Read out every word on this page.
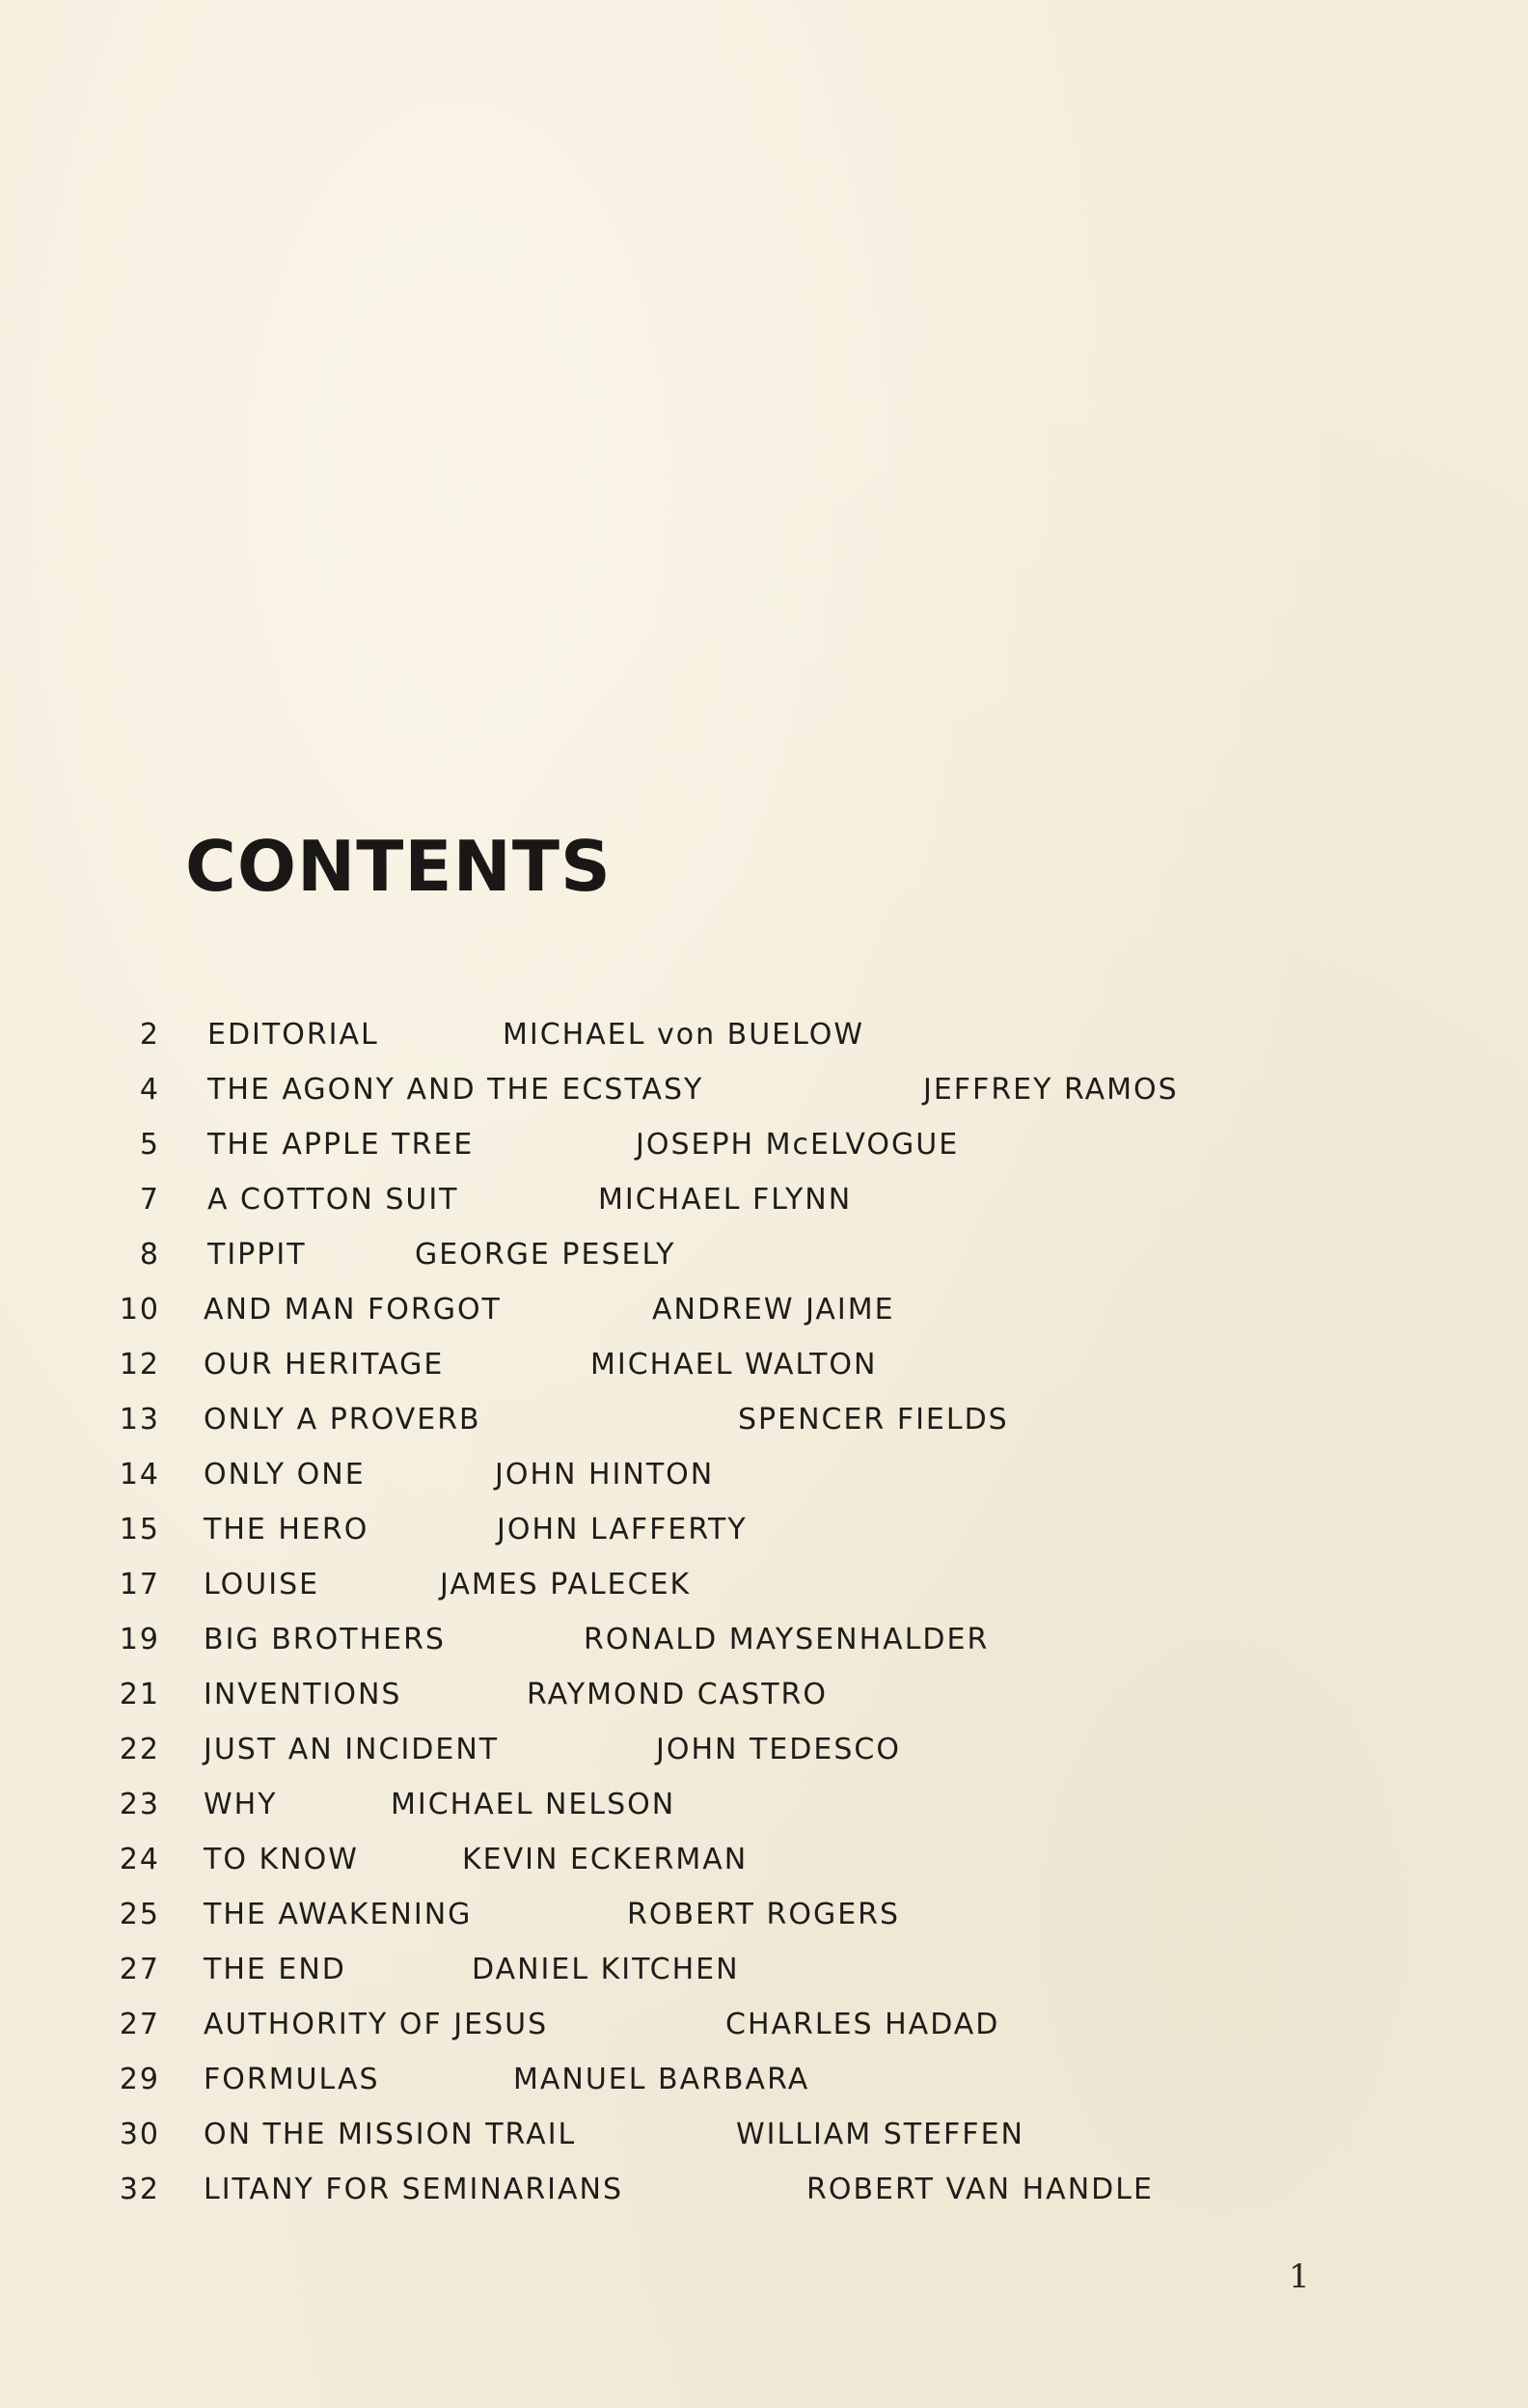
CONTENTS
2 EDITORIAL	MICHAEL von BUELOW
4 THE AGONY AND THE ECSTASY	JEFFREY RAMOS
5 THE APPLE TREE	JOSEPH McELVOGUE
7 A COTTON SUIT	MICHAEL FLYNN
8 TIPPIT	GEORGE PESELY
10 AND MAN FORGOT	ANDREW JAIME
12 OUR HERITAGE	MICHAEL WALTON
13 ONLY A PROVERB	SPENCER FIELDS
14 ONLY ONE	JOHN HINTON
15 THE HERO	JOHN LAFFERTY
17 LOUISE	JAMES PALECEK
19 BIG BROTHERS	RONALD MAYSENHALDER
21 INVENTIONS	RAYMOND CASTRO
22 JUST AN INCIDENT	JOHN TEDESCO
23 WHY	MICHAEL NELSON
24 TO KNOW	KEVIN ECKERMAN
25 THE AWAKENING	ROBERT ROGERS
27 THE END	DANIEL KITCHEN
27 AUTHORITY OF JESUS	CHARLES HADAD
29 FORMULAS	MANUEL BARBARA
30 ON THE MISSION TRAIL	WILLIAM STEFFEN
32 LITANY FOR SEMINARIANS	ROBERT VAN HANDLE
1
